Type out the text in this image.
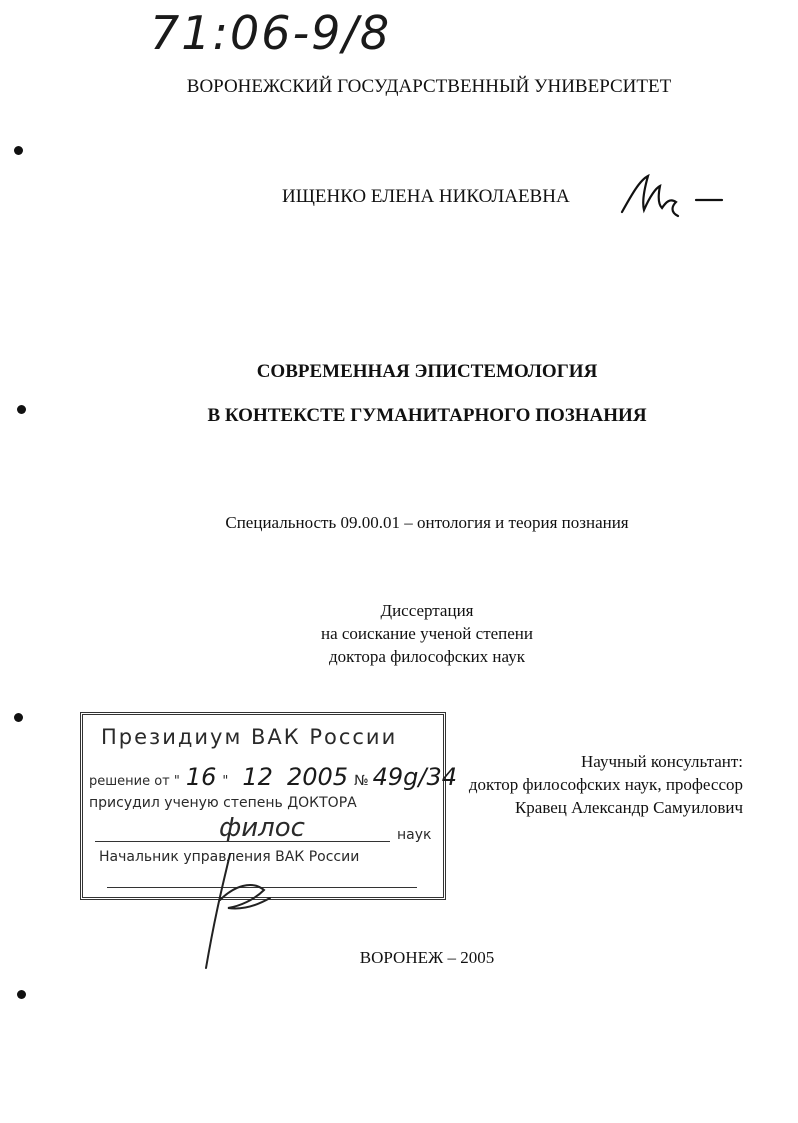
71:06-9/8
ВОРОНЕЖСКИЙ ГОСУДАРСТВЕННЫЙ УНИВЕРСИТЕТ
ИЩЕНКО ЕЛЕНА НИКОЛАЕВНА
СОВРЕМЕННАЯ ЭПИСТЕМОЛОГИЯ
В КОНТЕКСТЕ ГУМАНИТАРНОГО ПОЗНАНИЯ
Специальность 09.00.01 – онтология и теория познания
Диссертация
на соискание ученой степени
доктора философских наук
Научный консультант:
доктор философских наук, профессор
Кравец Александр Самуилович
Президиум ВАК России
решение от " 16 " 12 2005 № 49g/34
присудил ученую степень ДОКТОРА
филос	наук
Начальник управления ВАК России
ВОРОНЕЖ – 2005
